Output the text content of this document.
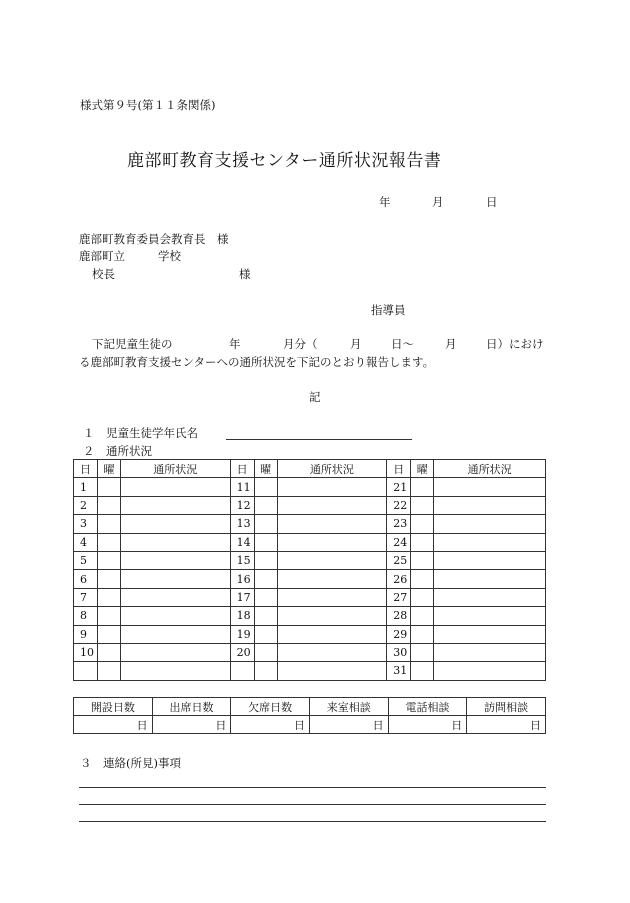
様式第９号(第１１条関係)
鹿部町教育支援センター通所状況報告書
年	月	日
鹿部町教育委員会教育長　様
鹿部町立	学校
校長	様
指導員
下記児童生徒の	年	月分（	月	日～	月	日）におけ
る鹿部町教育支援センターへの通所状況を下記のとおり報告します。
記
１ 児童生徒学年氏名
２ 通所状況
日	曜	通所状況	日	曜	通所状況	日	曜	通所状況
1			11			21		
2			12			22		
3			13			23		
4			14			24		
5			15			25		
6			16			26		
7			17			27		
8			18			28		
9			19			29		
10			20			30		
						31		
開設日数	出席日数	欠席日数	来室相談	電話相談	訪問相談
日	日	日	日	日	日
３　連絡(所見)事項
